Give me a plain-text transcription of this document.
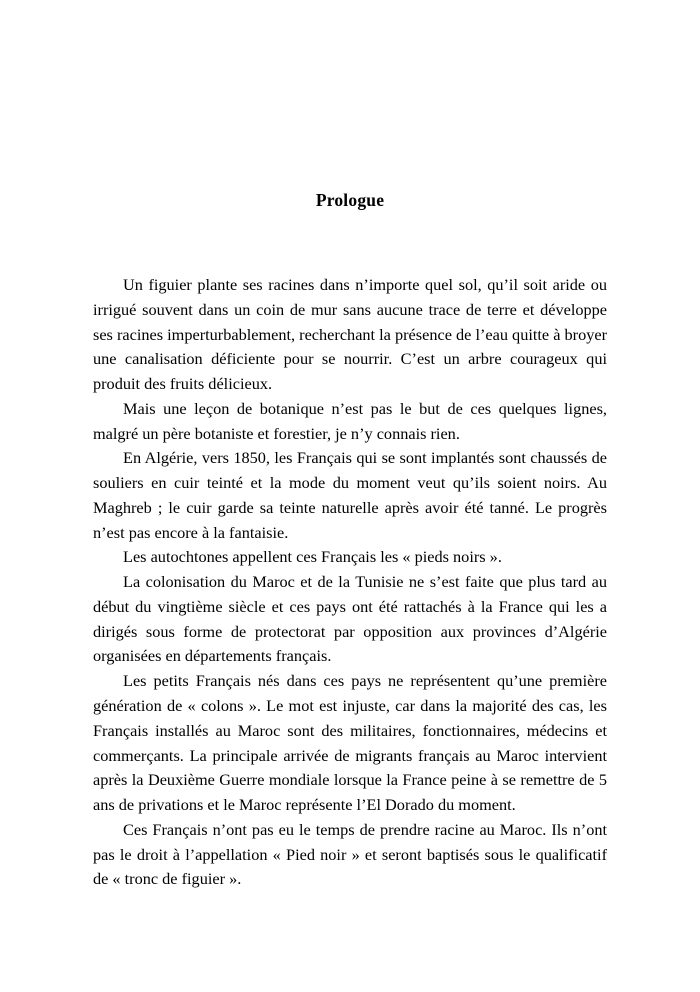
Prologue

Un figuier plante ses racines dans n’importe quel sol, qu’il soit aride ou irrigué souvent dans un coin de mur sans aucune trace de terre et développe ses racines imperturbablement, recherchant la présence de l’eau quitte à broyer une canalisation déficiente pour se nourrir. C’est un arbre courageux qui produit des fruits délicieux.

Mais une leçon de botanique n’est pas le but de ces quelques lignes, malgré un père botaniste et forestier, je n’y connais rien.

En Algérie, vers 1850, les Français qui se sont implantés sont chaussés de souliers en cuir teinté et la mode du moment veut qu’ils soient noirs. Au Maghreb ; le cuir garde sa teinte naturelle après avoir été tanné. Le progrès n’est pas encore à la fantaisie.

Les autochtones appellent ces Français les « pieds noirs ».

La colonisation du Maroc et de la Tunisie ne s’est faite que plus tard au début du vingtième siècle et ces pays ont été rattachés à la France qui les a dirigés sous forme de protectorat par opposition aux provinces d’Algérie organisées en départements français.

Les petits Français nés dans ces pays ne représentent qu’une première génération de « colons ». Le mot est injuste, car dans la majorité des cas, les Français installés au Maroc sont des militaires, fonctionnaires, médecins et commerçants. La principale arrivée de migrants français au Maroc intervient après la Deuxième Guerre mondiale lorsque la France peine à se remettre de 5 ans de privations et le Maroc représente l’El Dorado du moment.

Ces Français n’ont pas eu le temps de prendre racine au Maroc. Ils n’ont pas le droit à l’appellation « Pied noir » et seront baptisés sous le qualificatif de « tronc de figuier ».
